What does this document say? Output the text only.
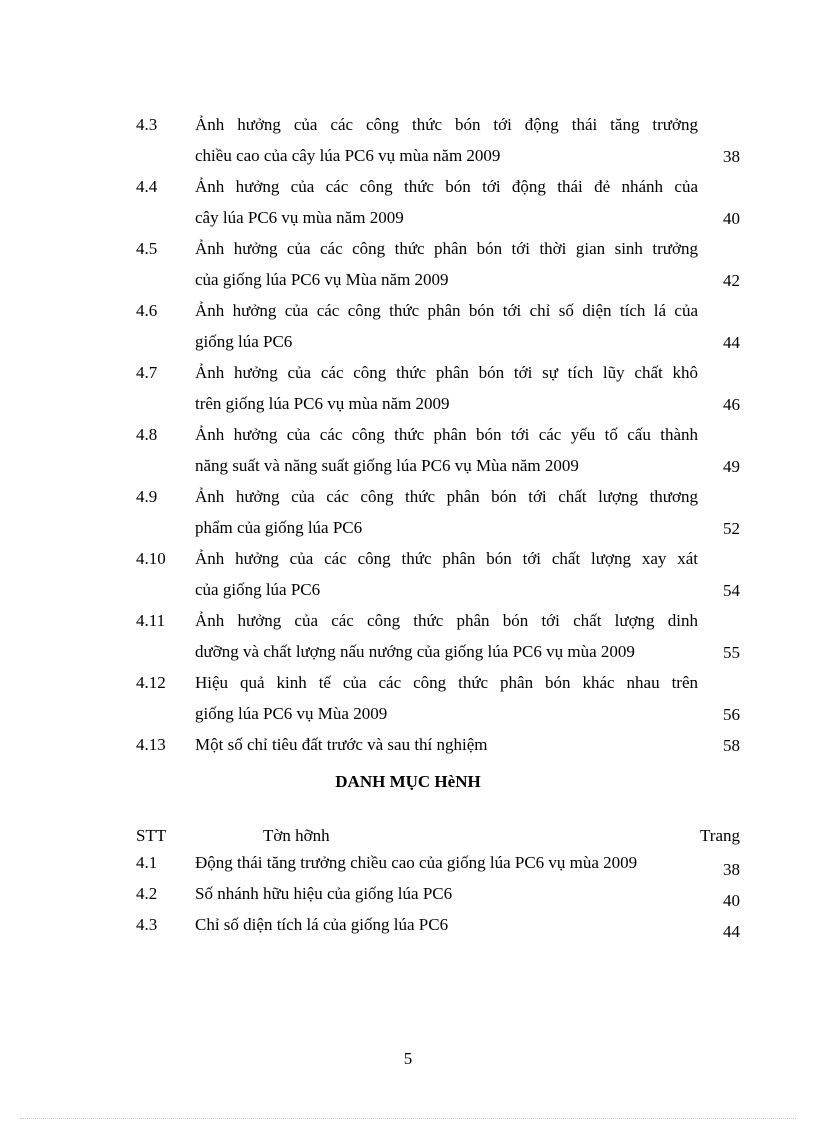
4.3 Ảnh hưởng của các công thức bón tới động thái tăng trưởng
chiều cao của cây lúa PC6 vụ mùa năm 2009	38
4.4 Ảnh hưởng của các công thức bón tới động thái đẻ nhánh của
cây lúa PC6 vụ mùa năm 2009	40
4.5 Ảnh hưởng của các công thức phân bón tới thời gian sinh trưởng
của giống lúa PC6 vụ Mùa năm 2009	42
4.6 Ảnh hưởng của các công thức phân bón tới chỉ số diện tích lá của
giống lúa PC6	44
4.7 Ảnh hưởng của các công thức phân bón tới sự tích lũy chất khô
trên giống lúa PC6 vụ mùa năm 2009	46
4.8 Ảnh hưởng của các công thức phân bón tới các yếu tố cấu thành
năng suất và năng suất giống lúa PC6 vụ Mùa năm 2009	49
4.9 Ảnh hưởng của các công thức phân bón tới chất lượng thương
phẩm của giống lúa PC6	52
4.10 Ảnh hưởng của các công thức phân bón tới chất lượng xay xát
của giống lúa PC6	54
4.11 Ảnh hưởng của các công thức phân bón tới chất lượng dinh
dưỡng và chất lượng nấu nướng của giống lúa PC6 vụ mùa 2009	55
4.12 Hiệu quả kinh tế của các công thức phân bón khác nhau trên
giống lúa PC6 vụ Mùa 2009	56
4.13 Một số chỉ tiêu đất trước và sau thí nghiệm	58
DANH MỤC HèNH
STT	Tờn hỡnh	Trang
4.1 Động thái tăng trưởng chiều cao của giống lúa PC6 vụ mùa 2009	38
4.2 Số nhánh hữu hiệu của giống lúa PC6	40
4.3 Chỉ số diện tích lá của giống lúa PC6	44
5
